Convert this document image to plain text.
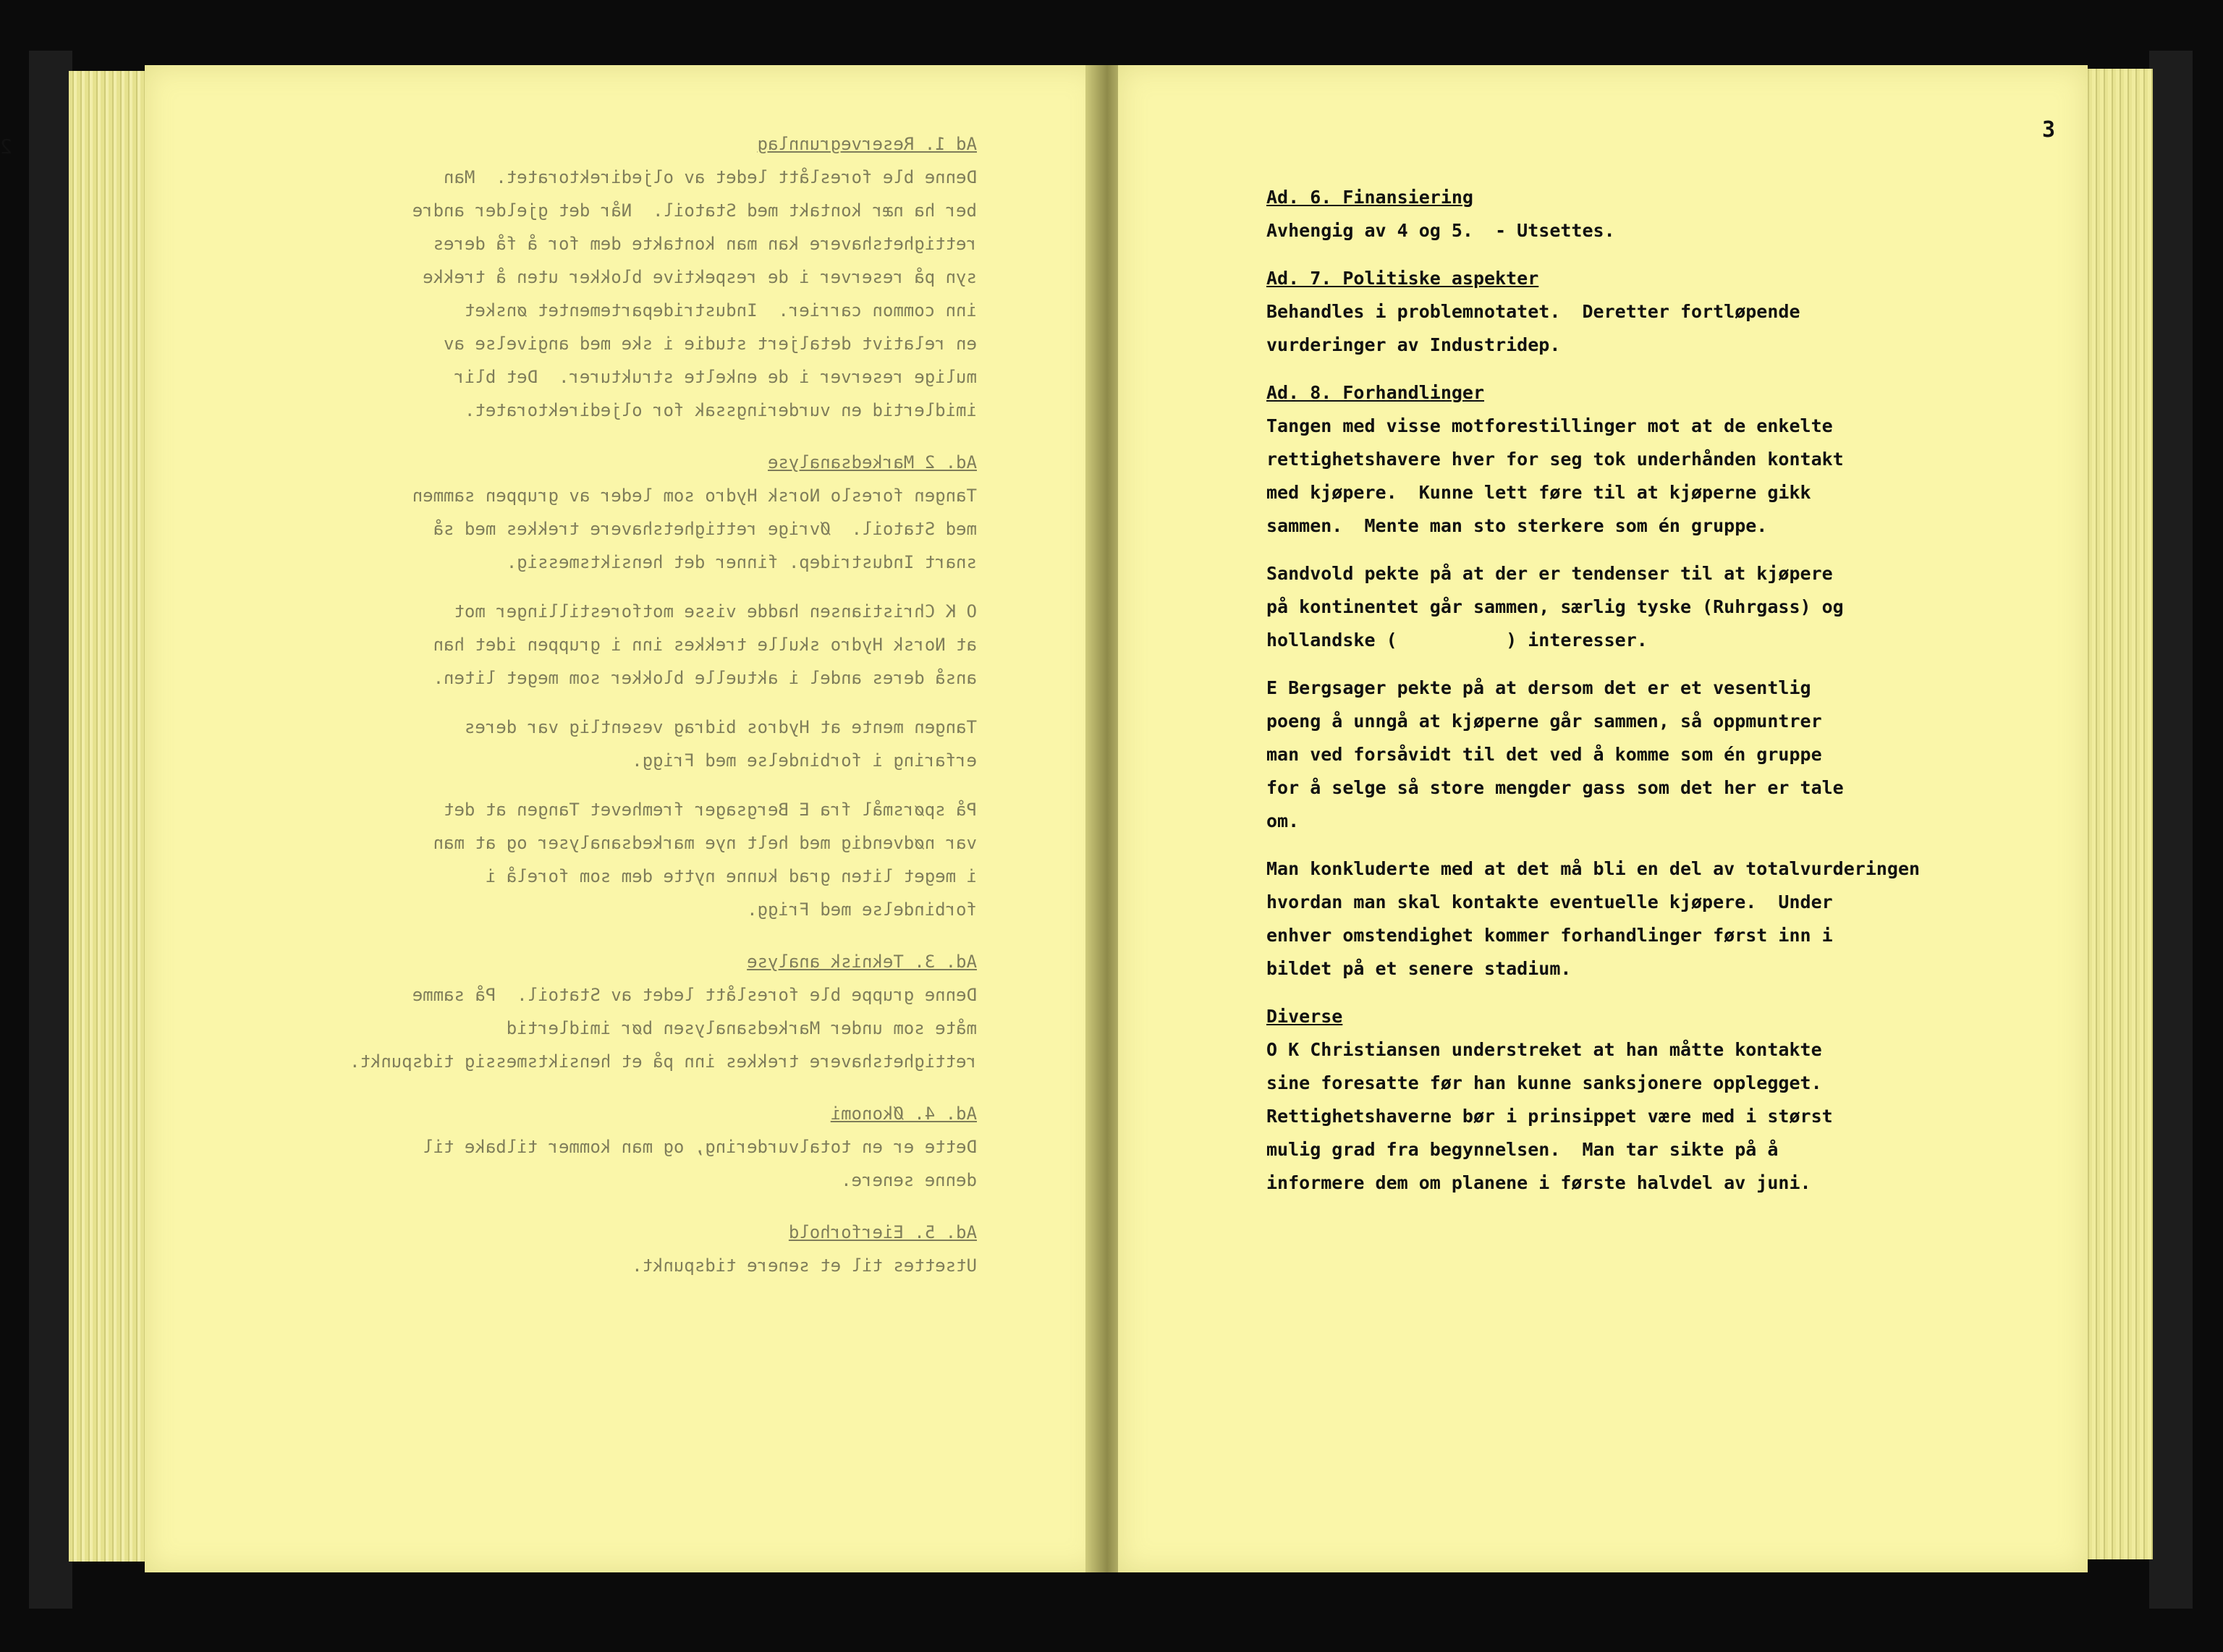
2	Ad 1. Reservegrunnlag

Denne ble foreslått ledet av oljedirektoratet.  Man
ber ha nær kontakt med Statoil.  Når det gjelder andre
rettighetshavere kan man kontakte dem for å få deres
syn på reserver i de respektive blokker uten å trekke
inn common carrier.  Industridepartementet ønsket
en relativt detaljert studie i ske med angivelse av
mulige reserver i de enkelte strukturer.  Det blir
imidlertid en vurderingssak for oljedirektoratet.

Ad. 2 Markedsanalyse

Tangen foreslo Norsk Hydro som leder av gruppen sammen
med Statoil.  Øvrige rettighetshavere trekkes med så
snart Industridep. finner det hensiktsmessig.

O K Christiansen hadde visse motforestillinger mot
at Norsk Hydro skulle trekkes inn i gruppen idet han
anså deres andel i aktuelle blokker som meget liten.

Tangen mente at Hydros bidrag vesentlig var deres
erfaring i forbindelse med Frigg.

På spørsmål fra E Bergsager fremhevet Tangen at det
var nødvendig med helt nye markedsanalyser og at man
i meget liten grad kunne nytte dem som forelå i
forbindelse med Frigg.

Ad. 3. Teknisk analyse

Denne gruppe ble foreslått ledet av Statoil.  På samme
måte som under Markedsanalysen bør imidlertid
rettighetshavere trekkes inn på et hensiktsmessig tidspunkt.

Ad. 4. Økonomi

Dette er en totalvurdering, og man kommer tilbake til
denne senere.

Ad. 5. Eierforhold

Utsettes til et senere tidspunkt.

3
Ad. 6. Finansiering

Avhengig av 4 og 5.  - Utsettes.

Ad. 7. Politiske aspekter

Behandles i problemnotatet.  Deretter fortløpende
vurderinger av Industridep.

Ad. 8. Forhandlinger

Tangen med visse motforestillinger mot at de enkelte
rettighetshavere hver for seg tok underhånden kontakt
med kjøpere.  Kunne lett føre til at kjøperne gikk
sammen.  Mente man sto sterkere som én gruppe.

Sandvold pekte på at der er tendenser til at kjøpere
på kontinentet går sammen, særlig tyske (Ruhrgass) og
hollandske (          ) interesser.

E Bergsager pekte på at dersom det er et vesentlig
poeng å unngå at kjøperne går sammen, så oppmuntrer
man ved forsåvidt til det ved å komme som én gruppe
for å selge så store mengder gass som det her er tale
om.

Man konkluderte med at det må bli en del av totalvurderingen
hvordan man skal kontakte eventuelle kjøpere.  Under
enhver omstendighet kommer forhandlinger først inn i
bildet på et senere stadium.

Diverse

O K Christiansen understreket at han måtte kontakte
sine foresatte før han kunne sanksjonere opplegget.
Rettighetshaverne bør i prinsippet være med i størst
mulig grad fra begynnelsen.  Man tar sikte på å
informere dem om planene i første halvdel av juni.
